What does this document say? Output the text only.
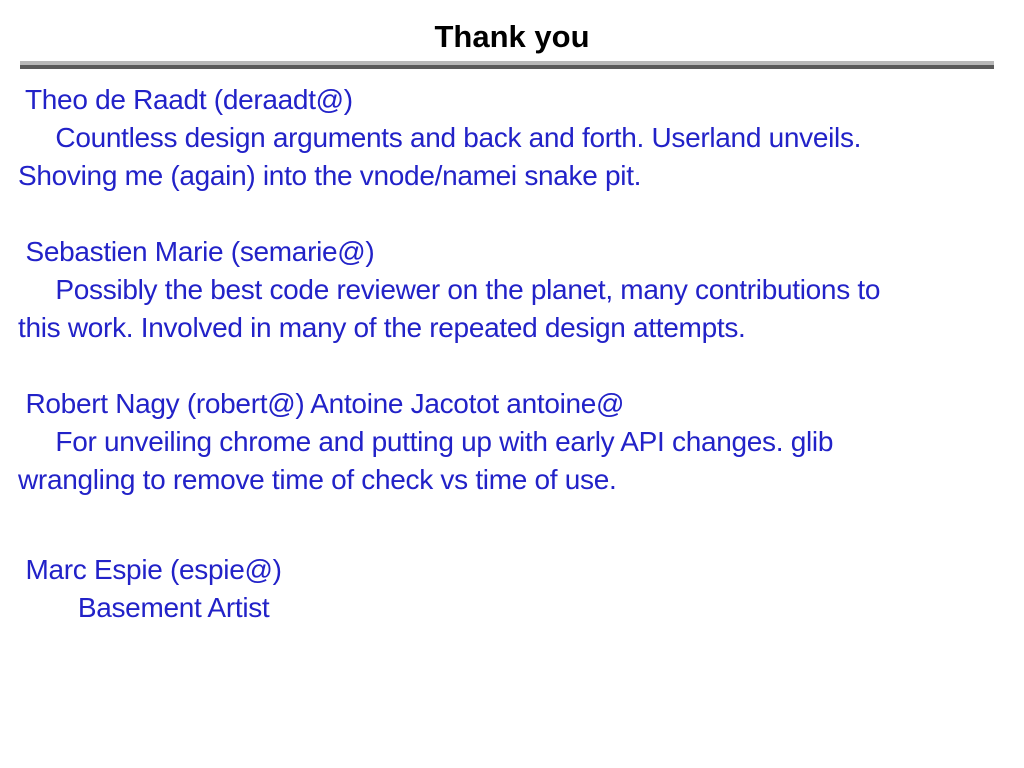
Thank you
Theo de Raadt (deraadt@)
Countless design arguments and back and forth. Userland unveils.
Shoving me (again) into the vnode/namei snake pit.
Sebastien Marie (semarie@)
Possibly the best code reviewer on the planet, many contributions to
this work. Involved in many of the repeated design attempts.
Robert Nagy (robert@) Antoine Jacotot antoine@
For unveiling chrome and putting up with early API changes. glib
wrangling to remove time of check vs time of use.
Marc Espie (espie@)
Basement Artist
